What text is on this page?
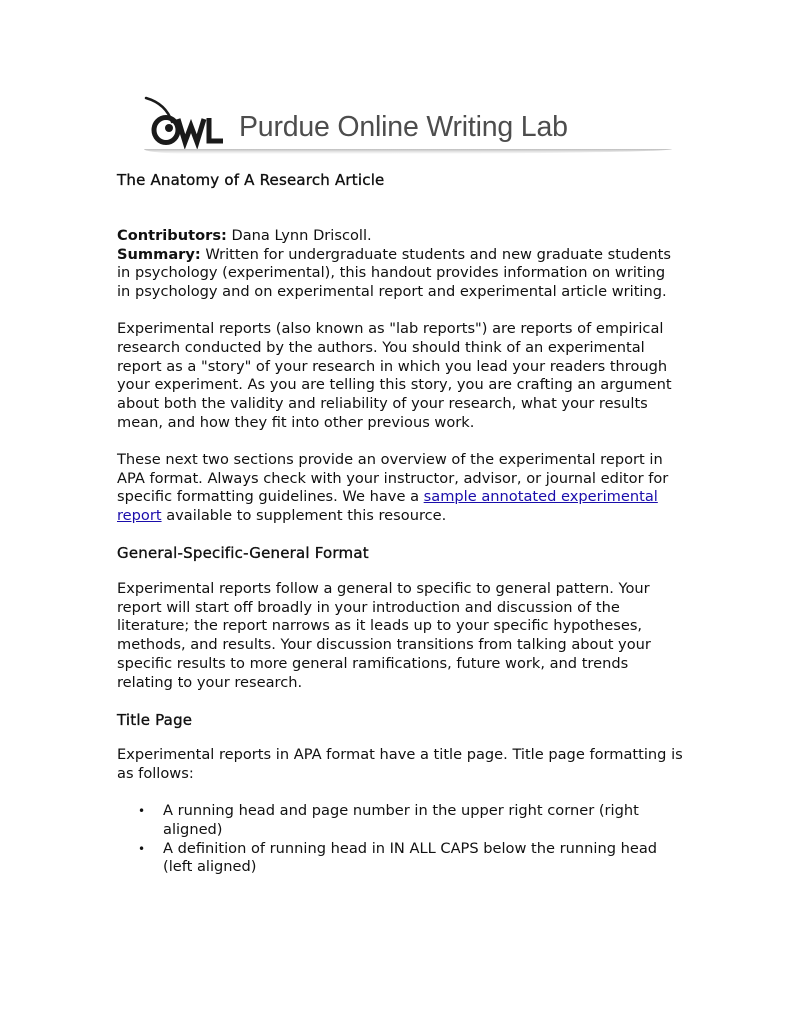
Purdue Online Writing Lab
The Anatomy of A Research Article

Contributors: Dana Lynn Driscoll.
Summary: Written for undergraduate students and new graduate students in psychology (experimental), this handout provides information on writing in psychology and on experimental report and experimental article writing.

Experimental reports (also known as "lab reports") are reports of empirical research conducted by the authors. You should think of an experimental report as a "story" of your research in which you lead your readers through your experiment. As you are telling this story, you are crafting an argument about both the validity and reliability of your research, what your results mean, and how they fit into other previous work.

These next two sections provide an overview of the experimental report in APA format. Always check with your instructor, advisor, or journal editor for specific formatting guidelines. We have a sample annotated experimental report available to supplement this resource.

General-Specific-General Format

Experimental reports follow a general to specific to general pattern. Your report will start off broadly in your introduction and discussion of the literature; the report narrows as it leads up to your specific hypotheses, methods, and results. Your discussion transitions from talking about your specific results to more general ramifications, future work, and trends relating to your research.

Title Page

Experimental reports in APA format have a title page. Title page formatting is as follows:

• A running head and page number in the upper right corner (right aligned)
• A definition of running head in IN ALL CAPS below the running head (left aligned)
